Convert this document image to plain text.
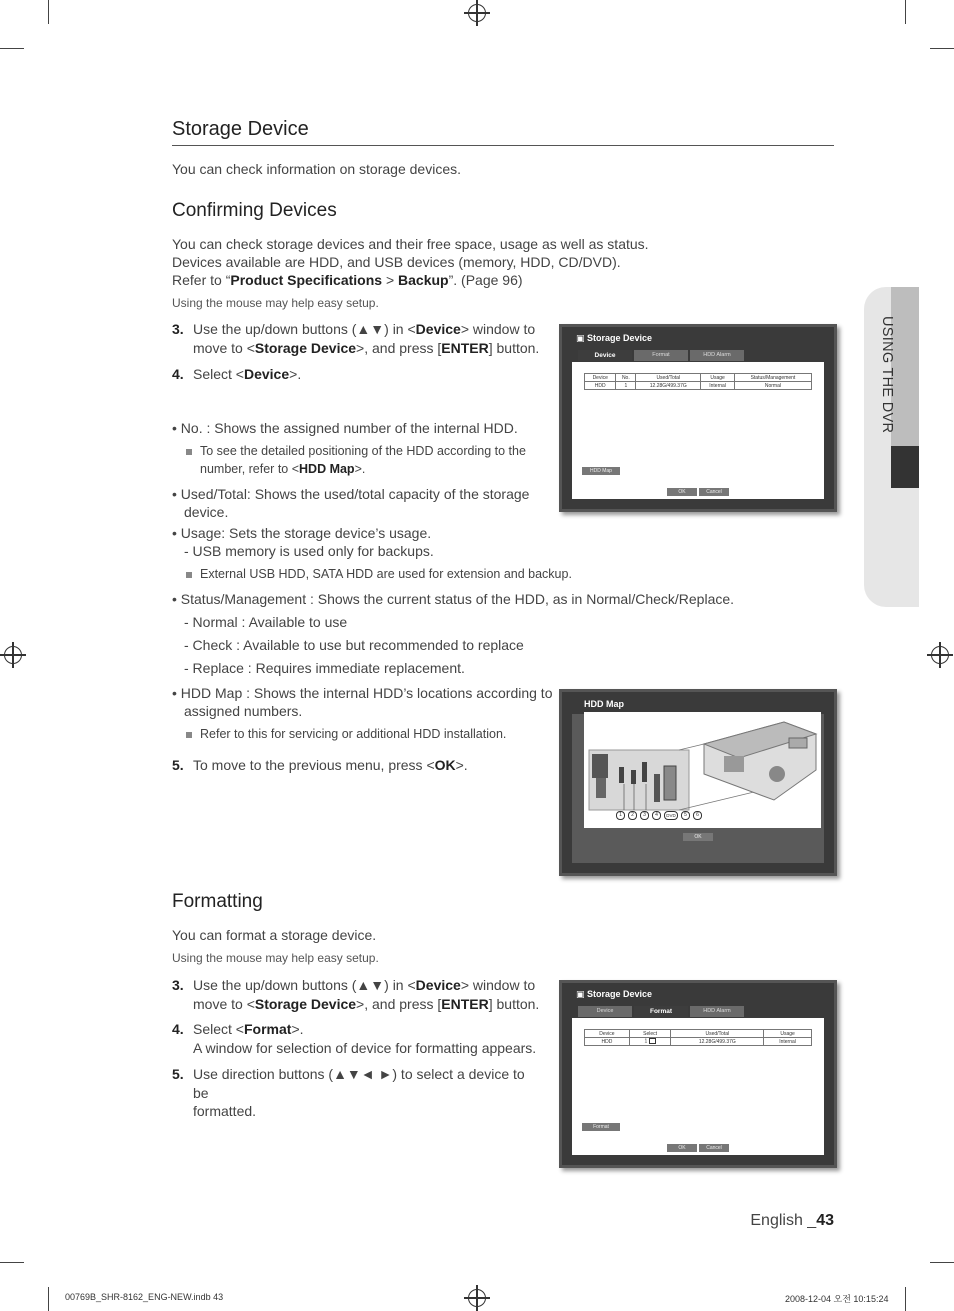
USING THE DVR
Storage Device
You can check information on storage devices.
Confirming Devices
You can check storage devices and their free space, usage as well as status.
Devices available are HDD, and USB devices (memory, HDD, CD/DVD).
Refer to “Product Specifications > Backup”. (Page 96)
Using the mouse may help easy setup.
3. Use the up/down buttons (▲▼) in <Device> window to
move to <Storage Device>, and press [ENTER] button.
4. Select <Device>.
• No. : Shows the assigned number of the internal HDD.
To see the detailed positioning of the HDD according to the
number, refer to <HDD Map>.
• Used/Total: Shows the used/total capacity of the storage
device.
• Usage: Sets the storage device’s usage.
- USB memory is used only for backups.
External USB HDD, SATA HDD are used for extension and backup.
• Status/Management : Shows the current status of the HDD, as in Normal/Check/Replace.
- Normal : Available to use
- Check : Available to use but recommended to replace
- Replace : Requires immediate replacement.
• HDD Map : Shows the internal HDD’s locations according to
assigned numbers.
Refer to this for servicing or additional HDD installation.
5. To move to the previous menu, press <OK>.
▣ Storage Device
Device	Format	HDD Alarm
Device	No.	Used/Total	Usage	Status/Management
HDD	1	12.28G/499.37G	Internal	Normal
HDD Map
OK	Cancel
HDD Map
1	2	3	4	DVD	5	6
OK
Formatting
You can format a storage device.
Using the mouse may help easy setup.
3. Use the up/down buttons (▲▼) in <Device> window to
move to <Storage Device>, and press [ENTER] button.
4. Select <Format>.
A window for selection of device for formatting appears.
5. Use direction buttons (▲▼◄ ►) to select a device to be
formatted.
▣ Storage Device
Device	Format	HDD Alarm
Device	Select	Used/Total	Usage
HDD	1	12.28G/499.37G	Internal
Format
OK	Cancel
English _43
00769B_SHR-8162_ENG-NEW.indb 43	2008-12-04 오전 10:15:24
